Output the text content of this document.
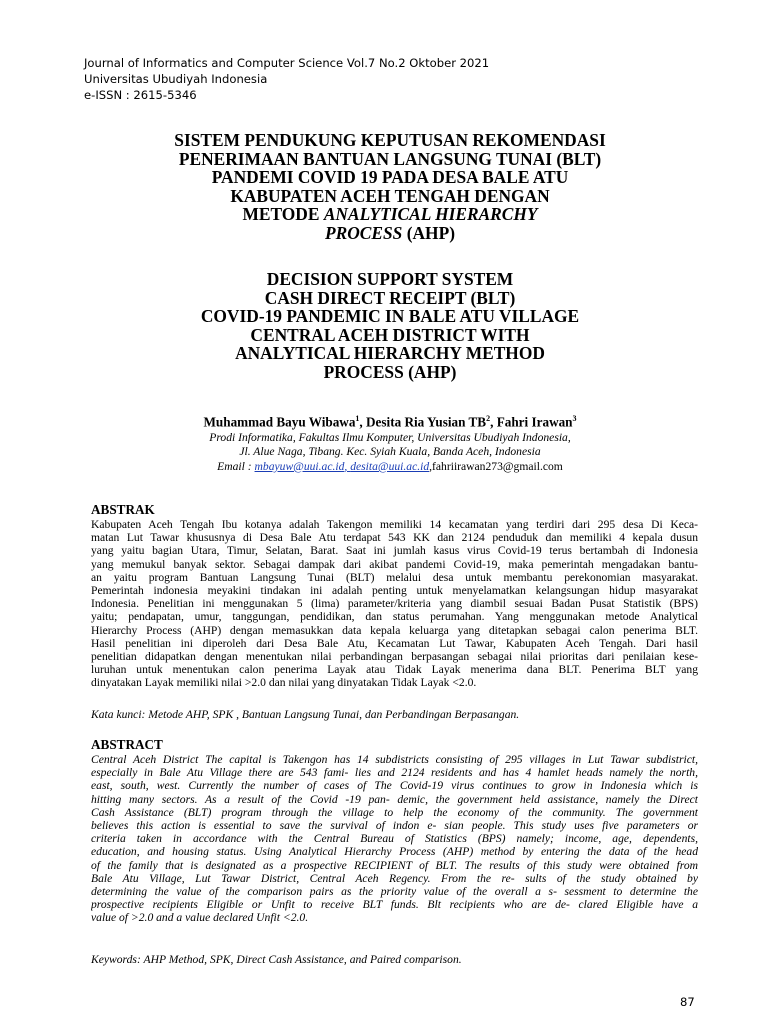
Journal of Informatics and Computer Science Vol.7 No.2 Oktober 2021
Universitas Ubudiyah Indonesia
e-ISSN : 2615-5346
SISTEM PENDUKUNG KEPUTUSAN REKOMENDASI
PENERIMAAN BANTUAN LANGSUNG TUNAI (BLT)
PANDEMI COVID 19 PADA DESA BALE ATU
KABUPATEN ACEH TENGAH DENGAN
METODE ANALYTICAL HIERARCHY
PROCESS (AHP)
DECISION SUPPORT SYSTEM
CASH DIRECT RECEIPT (BLT)
COVID-19 PANDEMIC IN BALE ATU VILLAGE
CENTRAL ACEH DISTRICT WITH
ANALYTICAL HIERARCHY METHOD
PROCESS (AHP)
Muhammad Bayu Wibawa$^1$, Desita Ria Yusian $TB^2$, Fahri Irawan$^3$
Prodi Informatika, Fakultas Ilmu Komputer, Universitas Ubudiyah Indonesia,
Jl. Alue Naga, Tibang. Kec. Syiah Kuala, Banda Aceh, Indonesia
Email : mbayuw@uui.ac.id, desita@uui.ac.id,fahriirawan273@gmail.com
ABSTRAK
Kabupaten Aceh Tengah Ibu kotanya adalah Takengon memiliki 14 kecamatan yang terdiri dari 295 desa Di Keca-
matan Lut Tawar khususnya di Desa Bale Atu terdapat 543 KK dan 2124 penduduk dan memiliki 4 kepala dusun
yang yaitu bagian Utara, Timur, Selatan, Barat. Saat ini jumlah kasus virus Covid-19 terus bertambah di Indonesia
yang memukul banyak sektor. Sebagai dampak dari akibat pandemi Covid-19, maka pemerintah mengadakan bantu-
an yaitu program Bantuan Langsung Tunai (BLT) melalui desa untuk membantu perekonomian masyarakat.
Pemerintah indonesia meyakini tindakan ini adalah penting untuk menyelamatkan kelangsungan hidup masyarakat
Indonesia. Penelitian ini menggunakan 5 (lima) parameter/kriteria yang diambil sesuai Badan Pusat Statistik (BPS)
yaitu; pendapatan, umur, tanggungan, pendidikan, dan status perumahan. Yang menggunakan metode Analytical
Hierarchy Process (AHP) dengan memasukkan data kepala keluarga yang ditetapkan sebagai calon penerima BLT.
Hasil penelitian ini diperoleh dari Desa Bale Atu, Kecamatan Lut Tawar, Kabupaten Aceh Tengah. Dari hasil
penelitian didapatkan dengan menentukan nilai perbandingan berpasangan sebagai nilai prioritas dari penilaian kese-
luruhan untuk menentukan calon penerima Layak atau Tidak Layak menerima dana BLT. Penerima BLT yang
dinyatakan Layak memiliki nilai >2.0 dan nilai yang dinyatakan Tidak Layak <2.0.
Kata kunci: Metode AHP, SPK , Bantuan Langsung Tunai, dan Perbandingan Berpasangan.
ABSTRACT
Central Aceh District The capital is Takengon has 14 subdistricts consisting of 295 villages in Lut Tawar subdistrict,
especially in Bale Atu Village there are 543 fami- lies and 2124 residents and has 4 hamlet heads namely the north,
east, south, west. Currently the number of cases of The Covid-19 virus continues to grow in Indonesia which is
hitting many sectors. As a result of the Covid -19 pan- demic, the government held assistance, namely the Direct
Cash Assistance (BLT) program through the village to help the economy of the community. The government
believes this action is essential to save the survival of indon e- sian people. This study uses five parameters or
criteria taken in accordance with the Central Bureau of Statistics (BPS) namely; income, age, dependents,
education, and housing status. Using Analytical Hierarchy Process (AHP) method by entering the data of the head
of the family that is designated as a prospective RECIPIENT of BLT. The results of this study were obtained from
Bale Atu Village, Lut Tawar District, Central Aceh Regency. From the re- sults of the study obtained by
determining the value of the comparison pairs as the priority value of the overall a s- sessment to determine the
prospective recipients Eligible or Unfit to receive BLT funds. Blt recipients who are de- clared Eligible have a
value of >2.0 and a value declared Unfit <2.0.
Keywords: AHP Method, SPK, Direct Cash Assistance, and Paired comparison.
87
